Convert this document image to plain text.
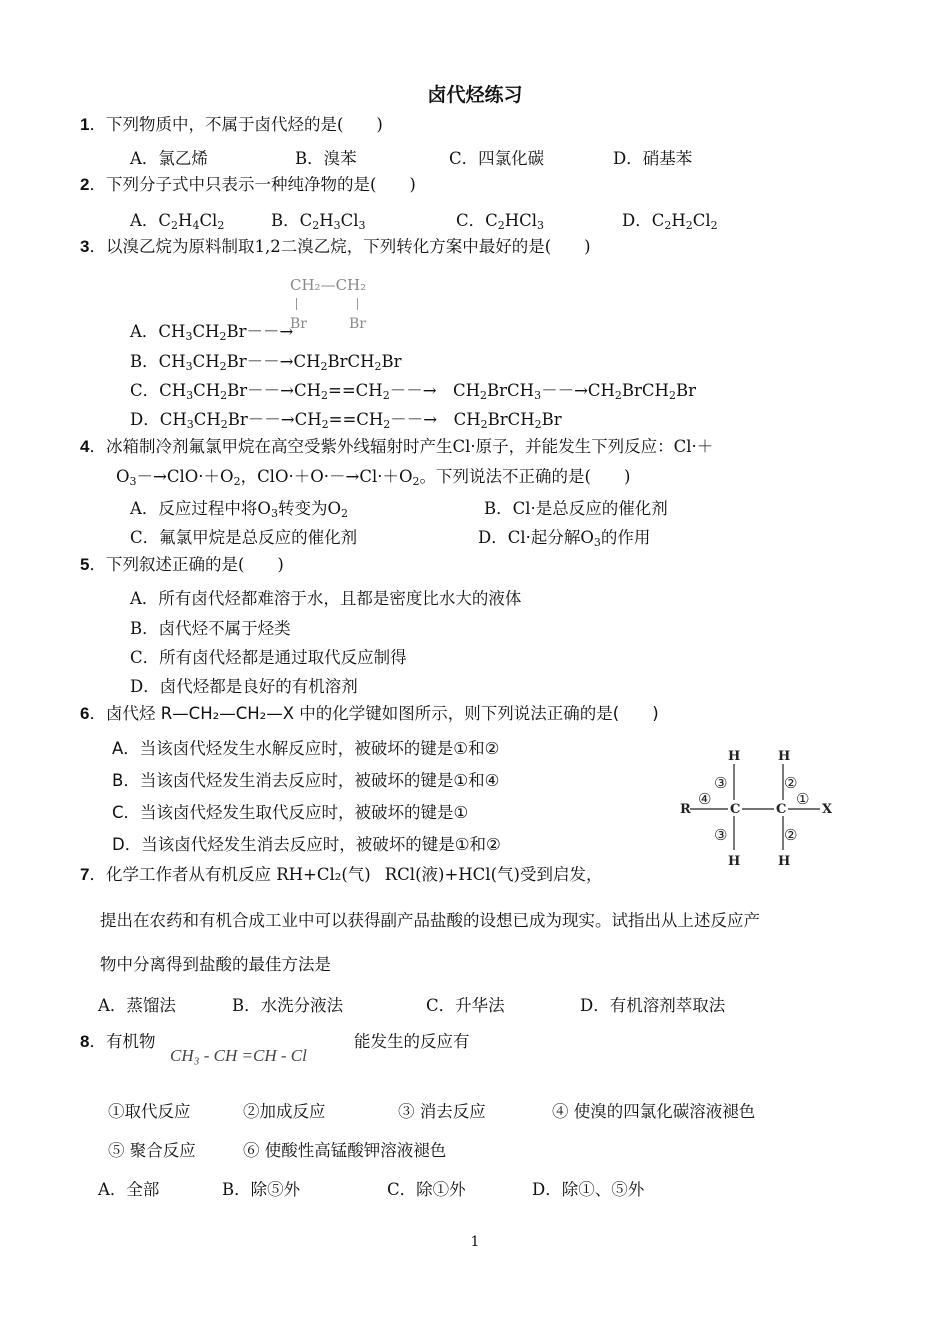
卤代烃练习
1．下列物质中，不属于卤代烃的是(　　)
A．氯乙烯	B．溴苯	C．四氯化碳	D．硝基苯
2．下列分子式中只表示一种纯净物的是(　　)
A．$C_2H_4Cl_2$	B．$C_2H_3Cl_3$	C．$C_2HCl_3$	D．$C_2H_2Cl_2$
3．以溴乙烷为原料制取1,2二溴乙烷，下列转化方案中最好的是(　　)
CH₂—CH₂
Br	Br
A．$CH_3CH_2Br--\to$
B．$CH_3CH_2Br--\to CH_2BrCH_2Br$
C．$CH_3CH_2Br--\to CH_2==CH_2--\to$　$CH_2BrCH_3--\to CH_2BrCH_2Br$
D．$CH_3CH_2Br--\to CH_2==CH_2--\to$　$CH_2BrCH_2Br$
4．冰箱制冷剂氟氯甲烷在高空受紫外线辐射时产生Cl·原子，并能发生下列反应：Cl·＋
$O_3-\to ClO\cdot+O_2$，$ClO\cdot+O\cdot-\to Cl\cdot+O_2$。下列说法不正确的是(　　)
A．反应过程中将$O_3$转变为$O_2$	B．Cl·是总反应的催化剂
C．氟氯甲烷是总反应的催化剂	D．Cl·起分解$O_3$的作用
5．下列叙述正确的是(　　)
A．所有卤代烃都难溶于水，且都是密度比水大的液体
B．卤代烃不属于烃类
C．所有卤代烃都是通过取代反应制得
D．卤代烃都是良好的有机溶剂
6．卤代烃 R—CH₂—CH₂—X 中的化学键如图所示，则下列说法正确的是(　　)
A．当该卤代烃发生水解反应时，被破坏的键是①和②
B．当该卤代烃发生消去反应时，被破坏的键是①和④
C．当该卤代烃发生取代反应时，被破坏的键是①
D．当该卤代烃发生消去反应时，被破坏的键是①和②
H	H
H	H
R	C	C	X
③	②
③	②
④	①
7．化学工作者从有机反应 RH+Cl₂(气) RCl(液)+HCl(气)受到启发，
提出在农药和有机合成工业中可以获得副产品盐酸的设想已成为现实。试指出从上述反应产
物中分离得到盐酸的最佳方法是
A．蒸馏法	B．水洗分液法	C．升华法	D．有机溶剂萃取法
8．有机物
CH₃ - CH =CH - Cl
能发生的反应有
①取代反应	②加成反应	③ 消去反应	④ 使溴的四氯化碳溶液褪色
⑤ 聚合反应	⑥ 使酸性高锰酸钾溶液褪色
A．全部	B．除⑤外	C．除①外	D．除①、⑤外
1
